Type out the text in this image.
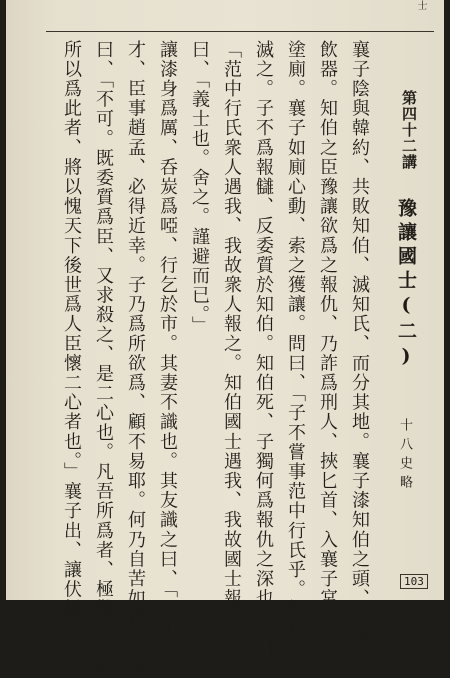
士
第四十二講
豫讓國士(二)
十八史略
襄子陰與韓約、共敗知伯、滅知氏、而分其地。襄子漆知伯之頭、以爲
飲器。知伯之臣豫讓欲爲之報仇、乃詐爲刑人、挾匕首、入襄子宮中
塗廁。襄子如廁心動、索之獲讓。問曰、「子不嘗事范中行氏乎。知伯
滅之。子不爲報讎、反委質於知伯。知伯死、子獨何爲報仇之深也。」曰、
「范中行氏衆人遇我、我故衆人報之。知伯國士遇我、我故國士報之。」
曰、「義士也。舍之。謹避而已。」
讓漆身爲厲、呑炭爲啞、行乞於市。其妻不識也。其友識之曰、「以子之
才、臣事趙孟、必得近幸。子乃爲所欲爲、顧不易耶。何乃自苦如此。」讓
曰、「不可。既委質爲臣、又求殺之、是二心也。凡吾所爲者、極難耳。然
所以爲此者、將以愧天下後世爲人臣懷二心者也。」襄子出、讓伏橋下。	103
